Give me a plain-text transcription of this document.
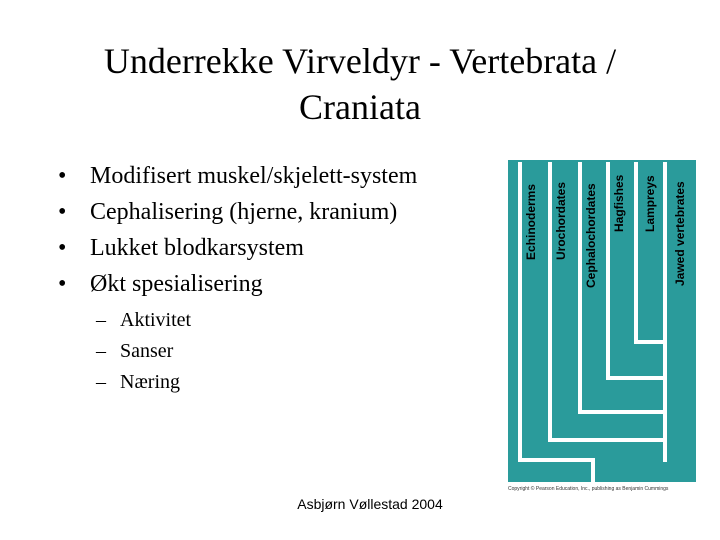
Underrekke Virveldyr - Vertebrata / Craniata
• Modifisert muskel/skjelett-system
• Cephalisering (hjerne, kranium)
• Lukket blodkarsystem
• Økt spesialisering
– Aktivitet
– Sanser
– Næring
Echinoderms Urochordates Cephalochordates Hagfishes Lampreys Jawed vertebrates
Copyright © Pearson Education, Inc., publishing as Benjamin Cummings
Asbjørn Vøllestad 2004
